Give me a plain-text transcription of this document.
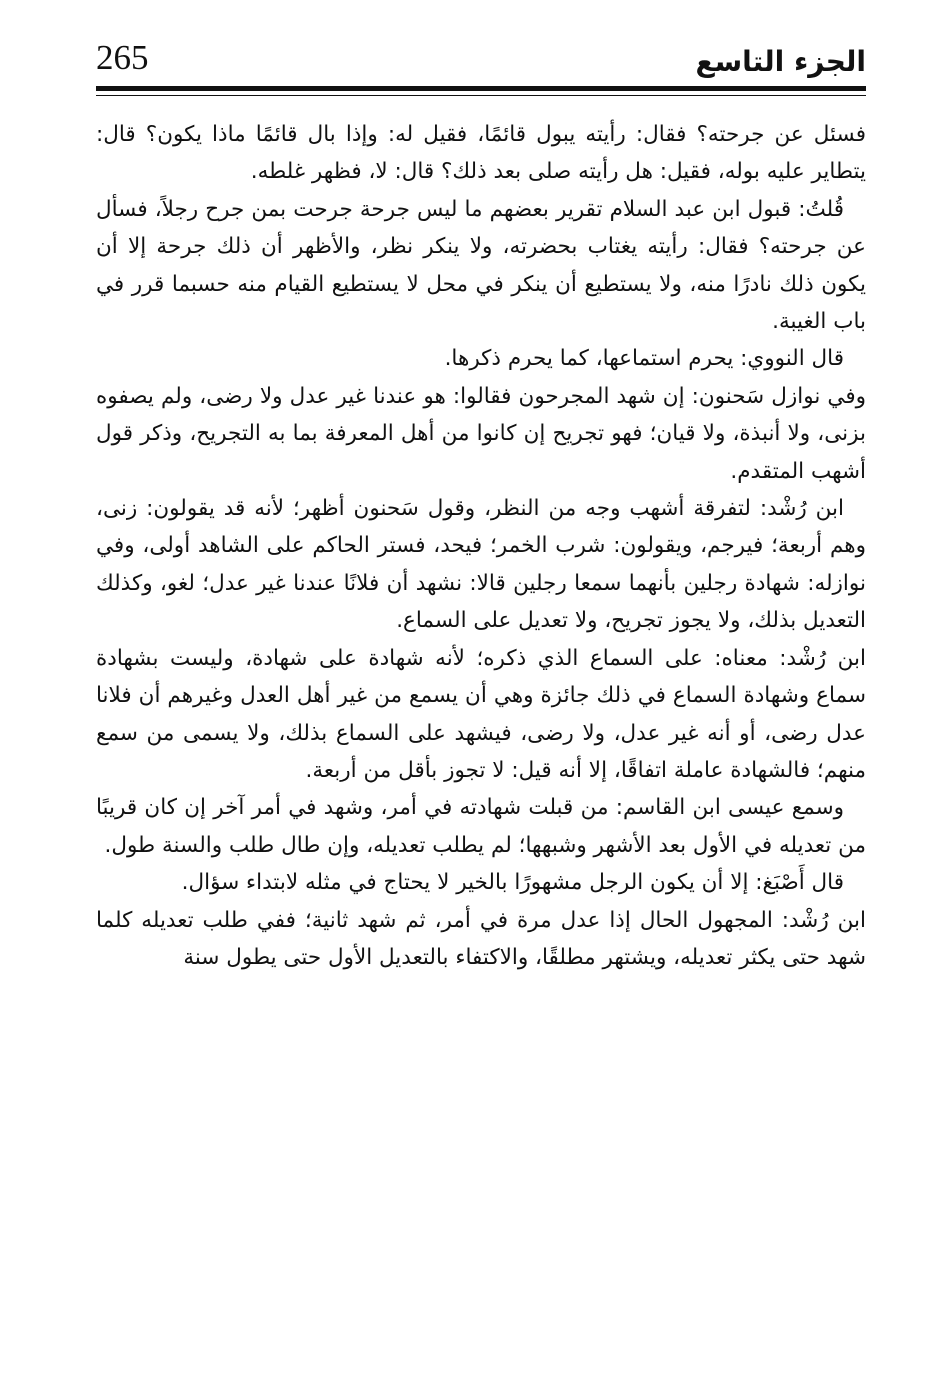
265	الجزء التاسع

فسئل عن جرحته؟ فقال: رأيته يبول قائمًا، فقيل له: وإذا بال قائمًا ماذا يكون؟ قال: يتطاير عليه بوله، فقيل: هل رأيته صلى بعد ذلك؟ قال: لا، فظهر غلطه.

قُلتُ: قبول ابن عبد السلام تقرير بعضهم ما ليس جرحة جرحت بمن جرح رجلاً، فسأل عن جرحته؟ فقال: رأيته يغتاب بحضرته، ولا ينكر نظر، والأظهر أن ذلك جرحة إلا أن يكون ذلك نادرًا منه، ولا يستطيع أن ينكر في محل لا يستطيع القيام منه حسبما قرر في باب الغيبة.

قال النووي: يحرم استماعها، كما يحرم ذكرها.

وفي نوازل سَحنون: إن شهد المجرحون فقالوا: هو عندنا غير عدل ولا رضى، ولم يصفوه بزنى، ولا أنبذة، ولا قيان؛ فهو تجريح إن كانوا من أهل المعرفة بما به التجريح، وذكر قول أشهب المتقدم.

ابن رُشْد: لتفرقة أشهب وجه من النظر، وقول سَحنون أظهر؛ لأنه قد يقولون: زنى، وهم أربعة؛ فيرجم، ويقولون: شرب الخمر؛ فيحد، فستر الحاكم على الشاهد أولى، وفي نوازله: شهادة رجلين بأنهما سمعا رجلين قالا: نشهد أن فلانًا عندنا غير عدل؛ لغو، وكذلك التعديل بذلك، ولا يجوز تجريح، ولا تعديل على السماع.

ابن رُشْد: معناه: على السماع الذي ذكره؛ لأنه شهادة على شهادة، وليست بشهادة سماع وشهادة السماع في ذلك جائزة وهي أن يسمع من غير أهل العدل وغيرهم أن فلانا عدل رضى، أو أنه غير عدل، ولا رضى، فيشهد على السماع بذلك، ولا يسمى من سمع منهم؛ فالشهادة عاملة اتفاقًا، إلا أنه قيل: لا تجوز بأقل من أربعة.

وسمع عيسى ابن القاسم: من قبلت شهادته في أمر، وشهد في أمر آخر إن كان قريبًا من تعديله في الأول بعد الأشهر وشبهها؛ لم يطلب تعديله، وإن طال طلب والسنة طول.

قال أَصْبَغ: إلا أن يكون الرجل مشهورًا بالخير لا يحتاج في مثله لابتداء سؤال.

ابن رُشْد: المجهول الحال إذا عدل مرة في أمر، ثم شهد ثانية؛ ففي طلب تعديله كلما شهد حتى يكثر تعديله، ويشتهر مطلقًا، والاكتفاء بالتعديل الأول حتى يطول سنة
